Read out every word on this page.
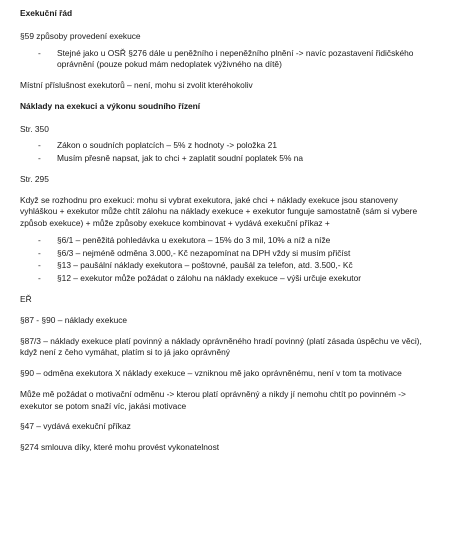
Exekuční řád
§59 způsoby provedení exekuce
- Stejné jako u OSŘ §276 dále u peněžního i nepeněžního plnění -> navíc pozastavení řidičského oprávnění (pouze pokud mám nedoplatek výživného na dítě)
Místní příslušnost exekutorů – není, mohu si zvolit kteréhokoliv
Náklady na exekuci a výkonu soudního řízení
Str. 350
- Zákon o soudních poplatcích – 5% z hodnoty -> položka 21
- Musím přesně napsat, jak to chci + zaplatit soudní poplatek 5% na
Str. 295
Když se rozhodnu pro exekuci: mohu si vybrat exekutora, jaké chci + náklady exekuce jsou stanoveny vyhláškou + exekutor může chtít zálohu na náklady exekuce + exekutor funguje samostatně (sám si vybere způsob exekuce) + může způsoby exekuce kombinovat + vydává exekuční příkaz +
- §6/1 – peněžitá pohledávka u exekutora – 15% do 3 mil, 10% a níž a níže
- §6/3 – nejméně odměna 3.000,- Kč nezapomínat na DPH vždy si musím přičíst
- §13 – paušální náklady exekutora – poštovné, paušál za telefon, atd. 3.500,- Kč
- §12 – exekutor může požádat o zálohu na náklady exekuce – výši určuje exekutor
EŘ
§87 - §90 – náklady exekuce
§87/3 – náklady exekuce platí povinný a náklady oprávněného hradí povinný (platí zásada úspěchu ve věci), když není z čeho vymáhat, platím si to já jako oprávněný
§90 – odměna exekutora X náklady exekuce – vzniknou mě jako oprávněnému, není v tom ta motivace
Může mě požádat o motivační odměnu -> kterou platí oprávněný a nikdy jí nemohu chtít po povinném -> exekutor se potom snaží víc, jakási motivace
§47 – vydává exekuční příkaz
§274 smlouva díky, které mohu provést vykonatelnost
